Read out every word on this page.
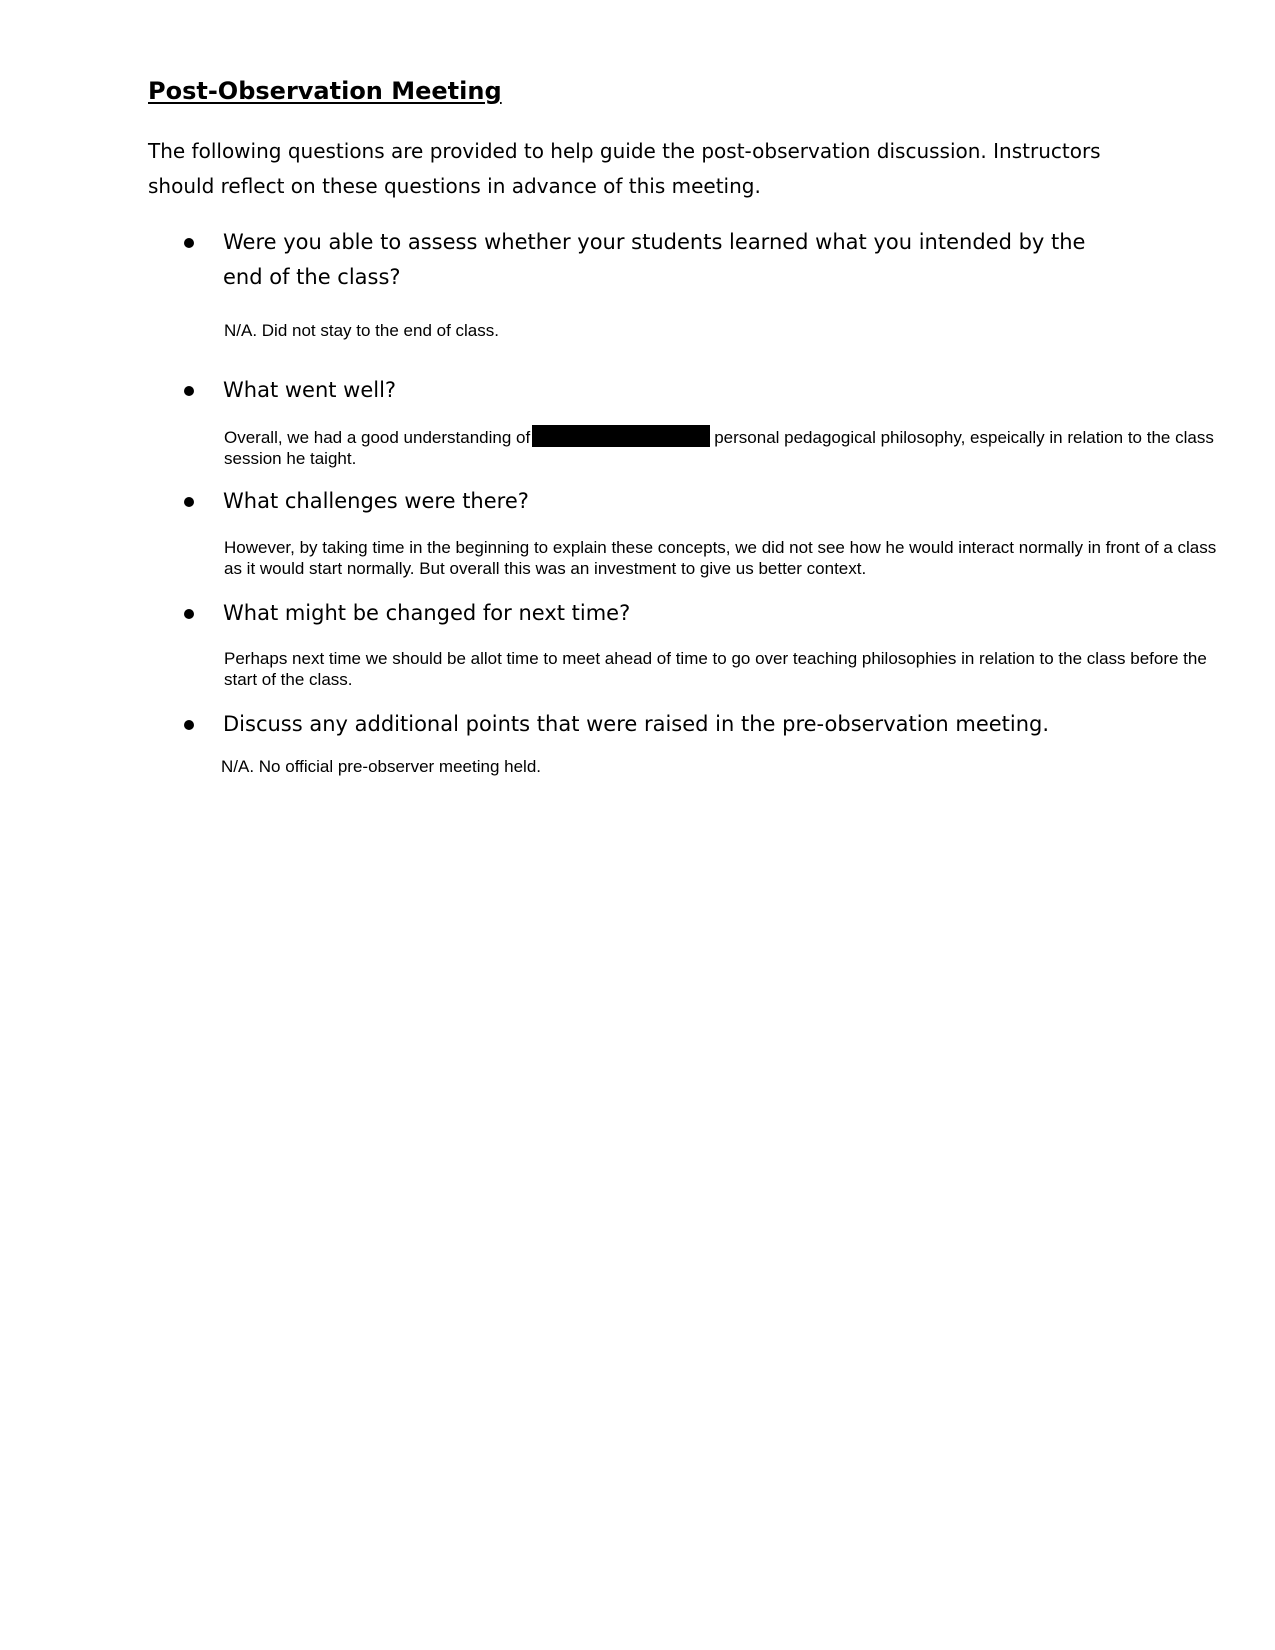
Post-Observation Meeting

The following questions are provided to help guide the post-observation discussion. Instructors should reflect on these questions in advance of this meeting.

Were you able to assess whether your students learned what you intended by the end of the class?

N/A. Did not stay to the end of class.

What went well?

Overall, we had a good understanding of	personal pedagogical philosophy, espeically in relation to the class session he taight.

What challenges were there?

However, by taking time in the beginning to explain these concepts, we did not see how he would interact normally in front of a class as it would start normally. But overall this was an investment to give us better context.

What might be changed for next time?

Perhaps next time we should be allot time to meet ahead of time to go over teaching philosophies in relation to the class before the start of the class.

Discuss any additional points that were raised in the pre-observation meeting.

N/A. No official pre-observer meeting held.
